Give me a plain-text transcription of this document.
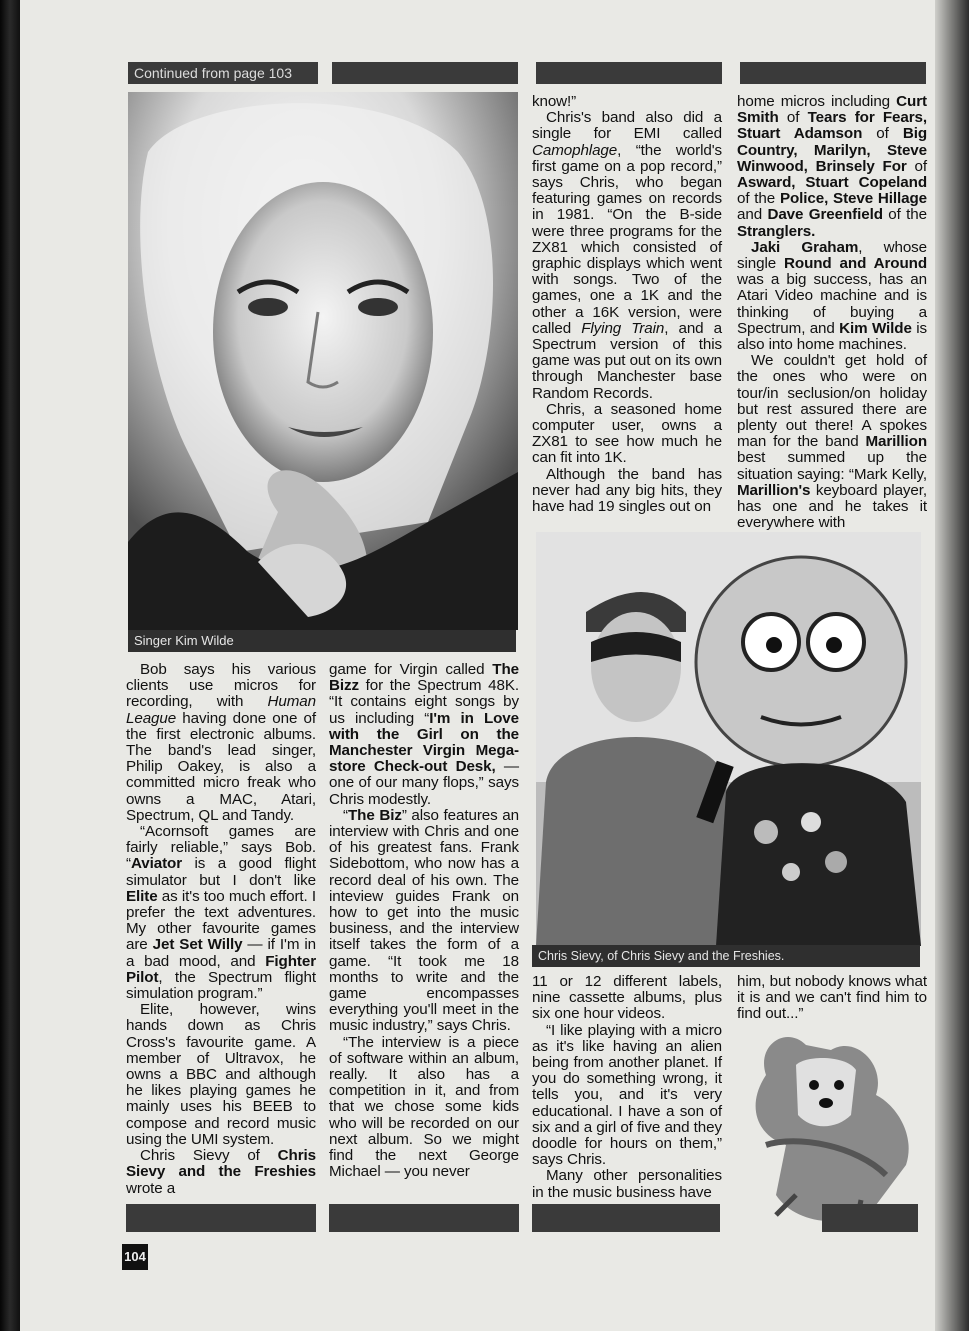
Continued from page 103
Singer Kim Wilde
Chris Sievy, of Chris Sievy and the Freshies.

Bob says his various clients use micros for recording, with Human League having done one of the first electronic albums. The band's lead singer, Philip Oakey, is also a committed micro freak who owns a MAC, Atari, Spectrum, QL and Tandy.

“Acornsoft games are fairly reliable,” says Bob. “Aviator is a good flight simulator but I don't like Elite as it's too much effort. I prefer the text adventures. My other favourite games are Jet Set Willy — if I'm in a bad mood, and Fighter Pilot, the Spectrum flight simulation program.”

Elite, however, wins hands down as Chris Cross's favourite game. A member of Ultravox, he owns a BBC and although he likes playing games he mainly uses his BEEB to compose and record music using the UMI system.

Chris Sievy of Chris Sievy and the Freshies wrote a

game for Virgin called The Bizz for the Spectrum 48K. “It contains eight songs by us including “I'm in Love with the Girl on the Manchester Virgin Mega-store Check-out Desk, — one of our many flops,” says Chris modestly.

“The Biz” also features an interview with Chris and one of his greatest fans. Frank Sidebottom, who now has a record deal of his own. The inteview guides Frank on how to get into the music business, and the interview itself takes the form of a game. “It took me 18 months to write and the game encompasses everything you'll meet in the music industry,” says Chris.

“The interview is a piece of software within an album, really. It also has a competition in it, and from that we chose some kids who will be recorded on our next album. So we might find the next George Michael — you never

know!”

Chris's band also did a single for EMI called Camophlage, “the world's first game on a pop record,” says Chris, who began featuring games on records in 1981. “On the B-side were three programs for the ZX81 which consisted of graphic displays which went with songs. Two of the games, one a 1K and the other a 16K version, were called Flying Train, and a Spectrum version of this game was put out on its own through Manchester base Random Records.

Chris, a seasoned home computer user, owns a ZX81 to see how much he can fit into 1K.

Although the band has never had any big hits, they have had 19 singles out on

home micros including Curt Smith of Tears for Fears, Stuart Adamson of Big Country, Marilyn, Steve Winwood, Brinsely For of Asward, Stuart Copeland of the Police, Steve Hillage and Dave Greenfield of the Stranglers.

Jaki Graham, whose single Round and Around was a big success, has an Atari Video machine and is thinking of buying a Spectrum, and Kim Wilde is also into home machines.

We couldn't get hold of the ones who were on tour/in seclusion/on holiday but rest assured there are plenty out there! A spokes man for the band Marillion best summed up the situation saying: “Mark Kelly, Marillion's keyboard player, has one and he takes it everywhere with

11 or 12 different labels, nine cassette albums, plus six one hour videos.

“I like playing with a micro as it's like having an alien being from another planet. If you do something wrong, it tells you, and it's very educational. I have a son of six and a girl of five and they doodle for hours on them,” says Chris.

Many other personalities in the music business have

him, but nobody knows what it is and we can't find him to find out...”

104
